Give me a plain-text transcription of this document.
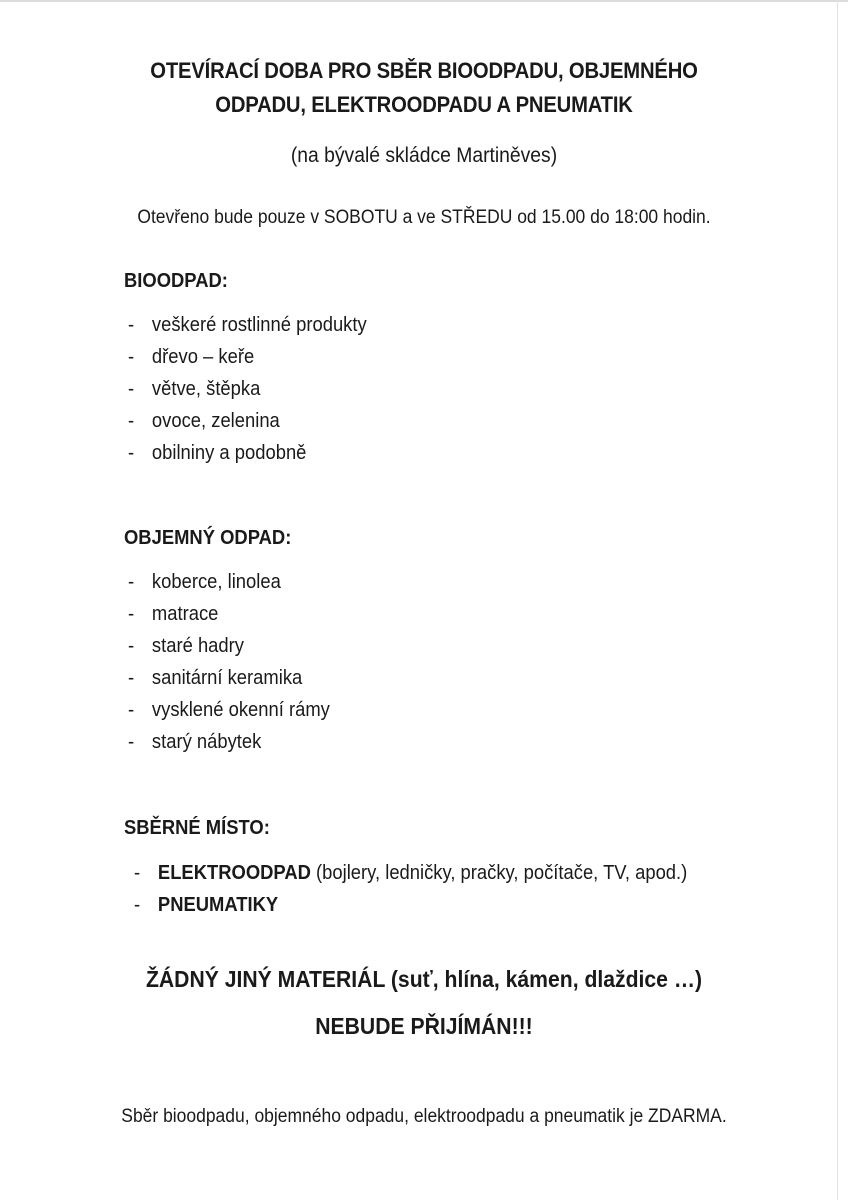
OTEVÍRACÍ DOBA PRO SBĚR BIOODPADU, OBJEMNÉHO
ODPADU, ELEKTROODPADU A PNEUMATIK
(na bývalé skládce Martiněves)
Otevřeno bude pouze v SOBOTU a ve STŘEDU od 15.00 do 18:00 hodin.
BIOODPAD:
- veškeré rostlinné produkty
- dřevo – keře
- větve, štěpka
- ovoce, zelenina
- obilniny a podobně
OBJEMNÝ ODPAD:
- koberce, linolea
- matrace
- staré hadry
- sanitární keramika
- vysklené okenní rámy
- starý nábytek
SBĚRNÉ MÍSTO:
- ELEKTROODPAD (bojlery, ledničky, pračky, počítače, TV, apod.)
- PNEUMATIKY
ŽÁDNÝ JINÝ MATERIÁL (suť, hlína, kámen, dlaždice …)
NEBUDE PŘIJÍMÁN!!!
Sběr bioodpadu, objemného odpadu, elektroodpadu a pneumatik je ZDARMA.
